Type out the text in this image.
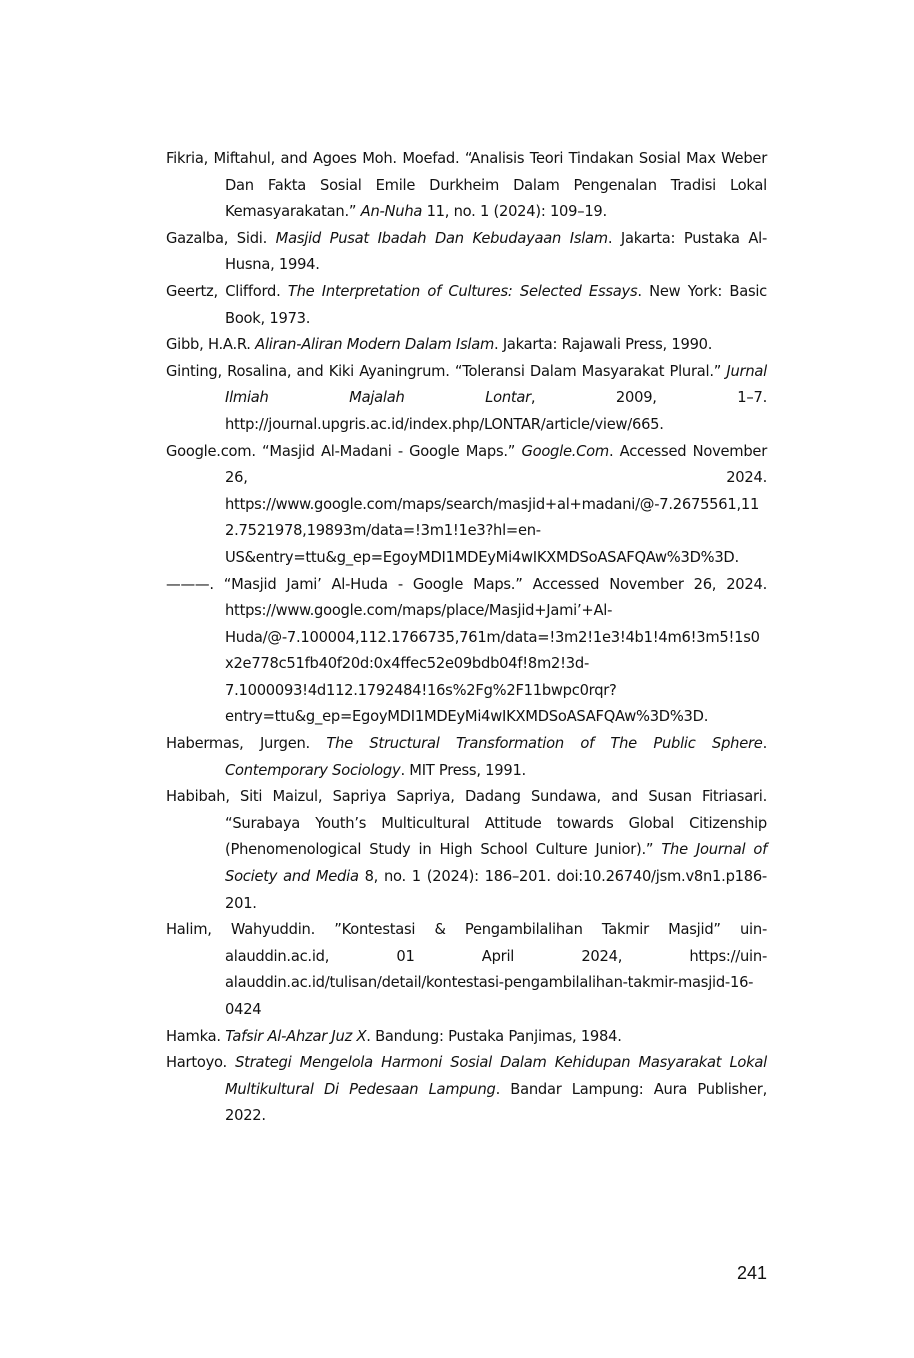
Fikria, Miftahul, and Agoes Moh. Moefad. “Analisis Teori Tindakan Sosial Max Weber Dan Fakta Sosial Emile Durkheim Dalam Pengenalan Tradisi Lokal Kemasyarakatan.” An-Nuha 11, no. 1 (2024): 109–19.

Gazalba, Sidi. Masjid Pusat Ibadah Dan Kebudayaan Islam. Jakarta: Pustaka Al-Husna, 1994.

Geertz, Clifford. The Interpretation of Cultures: Selected Essays. New York: Basic Book, 1973.

Gibb, H.A.R. Aliran-Aliran Modern Dalam Islam. Jakarta: Rajawali Press, 1990.

Ginting, Rosalina, and Kiki Ayaningrum. “Toleransi Dalam Masyarakat Plural.” Jurnal Ilmiah Majalah Lontar, 2009, 1–7. http://journal.upgris.ac.id/index.php/LONTAR/article/view/665.

Google.com. “Masjid Al-Madani - Google Maps.” Google.Com. Accessed November 26, 2024. https://www.google.com/maps/search/masjid+al+madani/@-7.2675561,112.7521978,19893m/data=!3m1!1e3?hl=en-US&entry=ttu&g_ep=EgoyMDI1MDEyMi4wIKXMDSoASAFQAw%3D%3D.

———. “Masjid Jami’ Al-Huda - Google Maps.” Accessed November 26, 2024. https://www.google.com/maps/place/Masjid+Jami’+Al-Huda/@-7.100004,112.1766735,761m/data=!3m2!1e3!4b1!4m6!3m5!1s0x2e778c51fb40f20d:0x4ffec52e09bdb04f!8m2!3d-7.1000093!4d112.1792484!16s%2Fg%2F11bwpc0rqr?entry=ttu&g_ep=EgoyMDI1MDEyMi4wIKXMDSoASAFQAw%3D%3D.

Habermas, Jurgen. The Structural Transformation of The Public Sphere. Contemporary Sociology. MIT Press, 1991.

Habibah, Siti Maizul, Sapriya Sapriya, Dadang Sundawa, and Susan Fitriasari. “Surabaya Youth’s Multicultural Attitude towards Global Citizenship (Phenomenological Study in High School Culture Junior).” The Journal of Society and Media 8, no. 1 (2024): 186–201. doi:10.26740/jsm.v8n1.p186-201.

Halim, Wahyuddin. ”Kontestasi & Pengambilalihan Takmir Masjid” uin-alauddin.ac.id, 01 April 2024, https://uin-alauddin.ac.id/tulisan/detail/kontestasi-pengambilalihan-takmir-masjid-16-0424

Hamka. Tafsir Al-Ahzar Juz X. Bandung: Pustaka Panjimas, 1984.

Hartoyo. Strategi Mengelola Harmoni Sosial Dalam Kehidupan Masyarakat Lokal Multikultural Di Pedesaan Lampung. Bandar Lampung: Aura Publisher, 2022.

241
